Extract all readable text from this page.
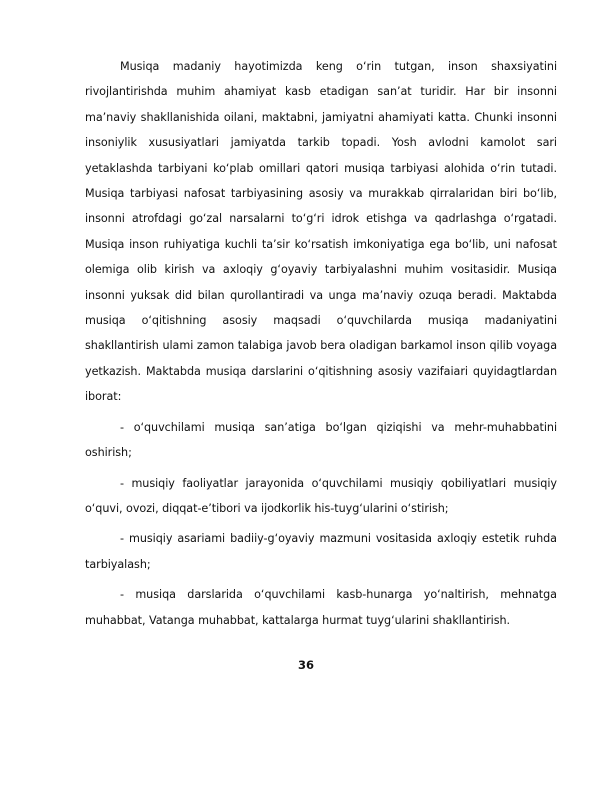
Musiqa madaniy hayotimizda keng o‘rin tutgan, inson shaxsiyatini rivojlantirishda muhim ahamiyat kasb etadigan san’at turidir. Har bir insonni ma’naviy shakllanishida oilani, maktabni, jamiyatni ahamiyati katta. Chunki insonni insoniylik xususiyatlari jamiyatda tarkib topadi. Yosh avlodni kamolot sari yetaklashda tarbiyani ko‘plab omillari qatori musiqa tarbiyasi alohida o‘rin tutadi. Musiqa tarbiyasi nafosat tarbiyasining asosiy va murakkab qirralaridan biri bo‘lib, insonni atrofdagi go‘zal narsalarni to‘g‘ri idrok etishga va qadrlashga o‘rgatadi. Musiqa inson ruhiyatiga kuchli ta’sir ko‘rsatish imkoniyatiga ega bo‘lib, uni nafosat olemiga olib kirish va axloqiy g‘oyaviy tarbiyalashni muhim vositasidir. Musiqa insonni yuksak did bilan qurollantiradi va unga ma’naviy ozuqa beradi. Maktabda musiqa o‘qitishning asosiy maqsadi o‘quvchilarda musiqa madaniyatini shakllantirish ulami zamon talabiga javob bera oladigan barkamol inson qilib voyaga yetkazish. Maktabda musiqa darslarini o‘qitishning asosiy vazifaiari quyidagtlardan iborat:

- o‘quvchilami musiqa san’atiga bo‘lgan qiziqishi va mehr-muhabbatini oshirish;

- musiqiy faoliyatlar jarayonida o‘quvchilami musiqiy qobiliyatlari musiqiy o‘quvi, ovozi, diqqat-e’tibori va ijodkorlik his-tuyg‘ularini o‘stirish;

- musiqiy asariami badiiy-g‘oyaviy mazmuni vositasida axloqiy estetik ruhda tarbiyalash;

- musiqa darslarida o‘quvchilami kasb-hunarga yo‘naltirish, mehnatga muhabbat, Vatanga muhabbat, kattalarga hurmat tuyg‘ularini shakllantirish.

36
